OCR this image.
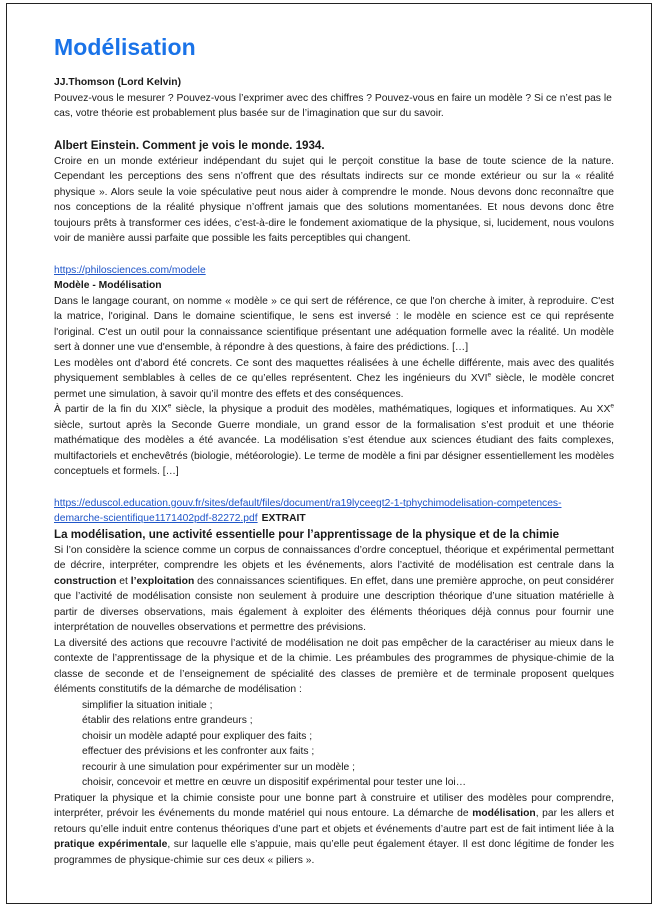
Modélisation

JJ.Thomson (Lord Kelvin)

Pouvez-vous le mesurer ? Pouvez-vous l’exprimer avec des chiffres ? Pouvez-vous en faire un modèle ? Si ce n’est pas le cas, votre théorie est probablement plus basée sur de l’imagination que sur du savoir.

Albert Einstein. Comment je vois le monde. 1934.

Croire en un monde extérieur indépendant du sujet qui le perçoit constitue la base de toute science de la nature. Cependant les perceptions des sens n’offrent que des résultats indirects sur ce monde extérieur ou sur la « réalité physique ». Alors seule la voie spéculative peut nous aider à comprendre le monde. Nous devons donc reconnaître que nos conceptions de la réalité physique n’offrent jamais que des solutions momentanées. Et nous devons donc être toujours prêts à transformer ces idées, c’est-à-dire le fondement axiomatique de la physique, si, lucidement, nous voulons voir de manière aussi parfaite que possible les faits perceptibles qui changent.

https://philosciences.com/modele

Modèle - Modélisation

Dans le langage courant, on nomme « modèle » ce qui sert de référence, ce que l'on cherche à imiter, à reproduire. C'est la matrice, l'original. Dans le domaine scientifique, le sens est inversé : le modèle en science est ce qui représente l'original. C'est un outil pour la connaissance scientifique présentant une adéquation formelle avec la réalité. Un modèle sert à donner une vue d'ensemble, à répondre à des questions, à faire des prédictions. […]

Les modèles ont d’abord été concrets. Ce sont des maquettes réalisées à une échelle différente, mais avec des qualités physiquement semblables à celles de ce qu’elles représentent. Chez les ingénieurs du XVIe siècle, le modèle concret permet une simulation, à savoir qu’il montre des effets et des conséquences.

À partir de la fin du XIXe siècle, la physique a produit des modèles, mathématiques, logiques et informatiques. Au XXe siècle, surtout après la Seconde Guerre mondiale, un grand essor de la formalisation s’est produit et une théorie mathématique des modèles a été avancée. La modélisation s’est étendue aux sciences étudiant des faits complexes, multifactoriels et enchevêtrés (biologie, météorologie). Le terme de modèle a fini par désigner essentiellement les modèles conceptuels et formels. […]

https://eduscol.education.gouv.fr/sites/default/files/document/ra19lyceegt2-1-tphychimodelisation-competences-
demarche-scientifique1171402pdf-82272.pdf EXTRAIT

La modélisation, une activité essentielle pour l’apprentissage de la physique et de la chimie

Si l’on considère la science comme un corpus de connaissances d’ordre conceptuel, théorique et expérimental permettant de décrire, interpréter, comprendre les objets et les événements, alors l’activité de modélisation est centrale dans la construction et l’exploitation des connaissances scientifiques. En effet, dans une première approche, on peut considérer que l’activité de modélisation consiste non seulement à produire une description théorique d’une situation matérielle à partir de diverses observations, mais également à exploiter des éléments théoriques déjà connus pour fournir une interprétation de nouvelles observations et permettre des prévisions.

La diversité des actions que recouvre l’activité de modélisation ne doit pas empêcher de la caractériser au mieux dans le contexte de l’apprentissage de la physique et de la chimie. Les préambules des programmes de physique-chimie de la classe de seconde et de l’enseignement de spécialité des classes de première et de terminale proposent quelques éléments constitutifs de la démarche de modélisation :

simplifier la situation initiale ;
établir des relations entre grandeurs ;
choisir un modèle adapté pour expliquer des faits ;
effectuer des prévisions et les confronter aux faits ;
recourir à une simulation pour expérimenter sur un modèle ;
choisir, concevoir et mettre en œuvre un dispositif expérimental pour tester une loi…

Pratiquer la physique et la chimie consiste pour une bonne part à construire et utiliser des modèles pour comprendre, interpréter, prévoir les événements du monde matériel qui nous entoure. La démarche de modélisation, par les allers et retours qu’elle induit entre contenus théoriques d’une part et objets et événements d’autre part est de fait intiment liée à la pratique expérimentale, sur laquelle elle s’appuie, mais qu’elle peut également étayer. Il est donc légitime de fonder les programmes de physique-chimie sur ces deux « piliers ».
